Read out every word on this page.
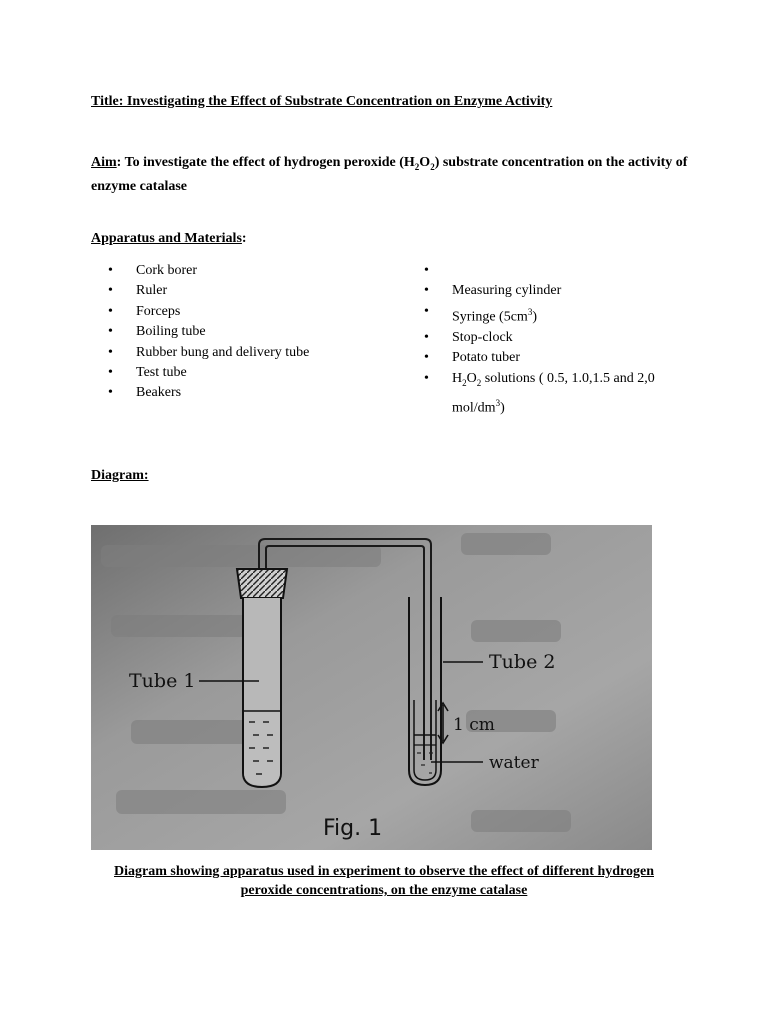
Title: Investigating the Effect of Substrate Concentration on Enzyme Activity
Aim: To investigate the effect of hydrogen peroxide $(H_2O_2)$ substrate concentration on the activity of enzyme catalase
Apparatus and Materials:
• Cork borer
• Ruler
• Forceps
• Boiling tube
• Rubber bung and delivery tube
• Test tube
• Beakers
•
• Measuring cylinder
• Syringe $(5cm^3)$
• Stop-clock
• Potato tuber
• $H_2O_2$ solutions ( 0.5, 1.0,1.5 and 2,0
mol/$dm^3$)
Diagram:
Tube 1
Tube 2
1 cm
water
Fig. 1
Diagram showing apparatus used in experiment to observe the effect of different hydrogen peroxide concentrations, on the enzyme catalase
